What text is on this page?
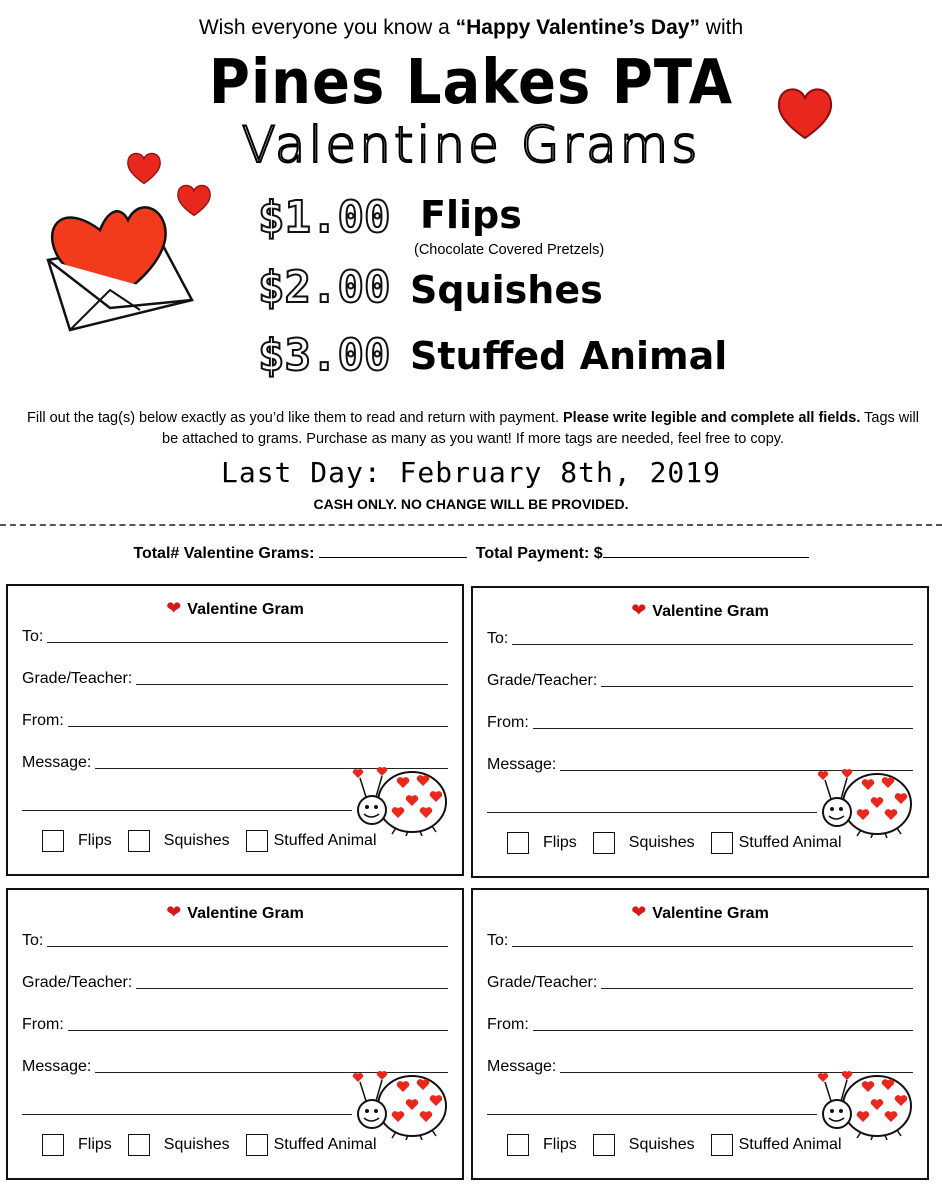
Wish everyone you know a “Happy Valentine’s Day” with
Pines Lakes PTA
Valentine Grams
$1.00 Flips
(Chocolate Covered Pretzels)
$2.00 Squishes
$3.00 Stuffed Animal
Fill out the tag(s) below exactly as you’d like them to read and return with payment. Please write legible and complete all fields. Tags will be attached to grams. Purchase as many as you want! If more tags are needed, feel free to copy.
Last Day: February 8th, 2019
CASH ONLY. NO CHANGE WILL BE PROVIDED.
Total# Valentine Grams:	Total Payment: $
❤ Valentine Gram
To:
Grade/Teacher:
From:
Message:
Flips	Squishes	Stuffed Animal
❤ Valentine Gram
To:
Grade/Teacher:
From:
Message:
Flips	Squishes	Stuffed Animal
❤ Valentine Gram
To:
Grade/Teacher:
From:
Message:
Flips	Squishes	Stuffed Animal
❤ Valentine Gram
To:
Grade/Teacher:
From:
Message:
Flips	Squishes	Stuffed Animal
